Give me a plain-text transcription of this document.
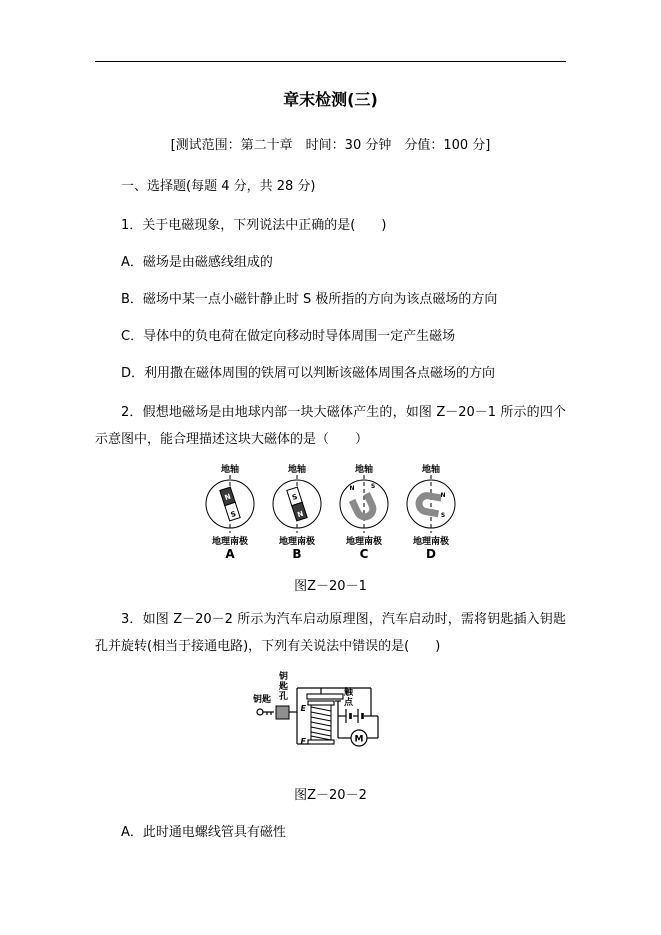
章末检测(三)
[测试范围：第二十章　时间：30 分钟　分值：100 分]

一、选择题(每题 4 分，共 28 分)

1．关于电磁现象，下列说法中正确的是(　　)

A．磁场是由磁感线组成的

B．磁场中某一点小磁针静止时 S 极所指的方向为该点磁场的方向

C．导体中的负电荷在做定向移动时导体周围一定产生磁场

D．利用撒在磁体周围的铁屑可以判断该磁体周围各点磁场的方向

2．假想地磁场是由地球内部一块大磁体产生的，如图 Z－20－1 所示的四个示意图中，能合理描述这块大磁体的是（　　）

地轴
N
S
地理南极
A
地轴
S
N
地理南极
B
地轴
N	S
地理南极
C
地轴
N
S
地理南极
D
图Z－20－1

3．如图 Z－20－2 所示为汽车启动原理图，汽车启动时，需将钥匙插入钥匙孔并旋转(相当于接通电路)，下列有关说法中错误的是(　　)

E
F	M
钥匙孔
钥匙	触点
图Z－20－2

A．此时通电螺线管具有磁性
